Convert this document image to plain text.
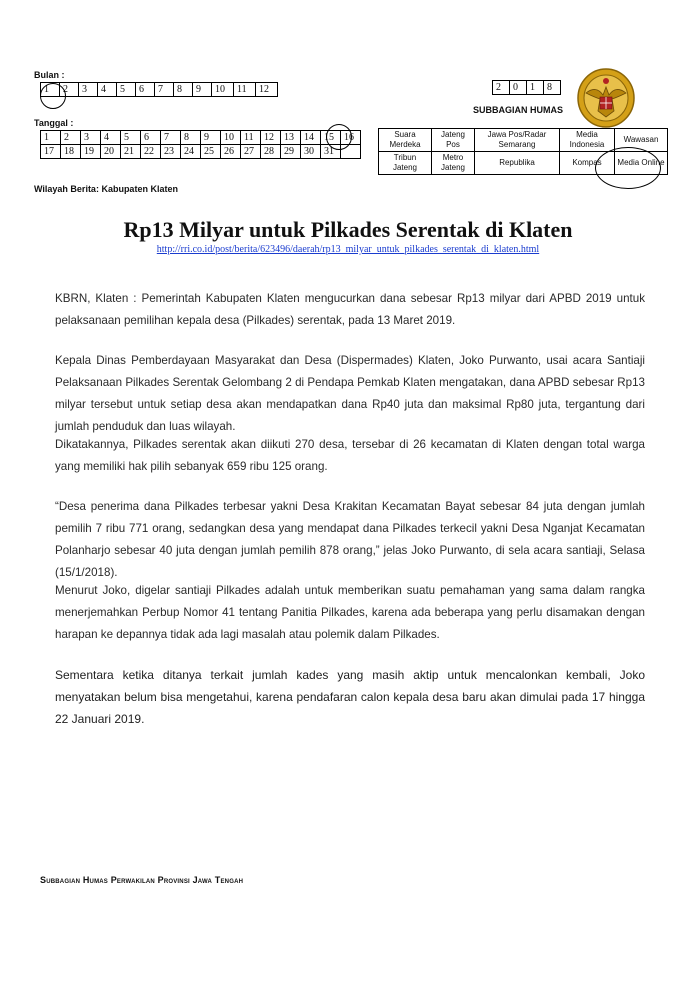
Bulan :
1	2	3	4	5	6	7	8	9	10	11	12
Tanggal :
1	2	3	4	5	6	7	8	9	10	11	12	13	14	15	16
17	18	19	20	21	22	23	24	25	26	27	28	29	30	31	
Wilayah Berita: Kabupaten Klaten
2	0	1	8
SUBBAGIAN HUMAS
Suara Merdeka	Jateng Pos	Jawa Pos/Radar Semarang	Media Indonesia	Wawasan
Tribun Jateng	Metro Jateng	Republika	Kompas	Media Online
Rp13 Milyar untuk Pilkades Serentak di Klaten
http://rri.co.id/post/berita/623496/daerah/rp13_milyar_untuk_pilkades_serentak_di_klaten.html
KBRN, Klaten : Pemerintah Kabupaten Klaten mengucurkan dana sebesar Rp13 milyar dari APBD 2019 untuk pelaksanaan pemilihan kepala desa (Pilkades) serentak, pada 13 Maret 2019.
Kepala Dinas Pemberdayaan Masyarakat dan Desa (Dispermades) Klaten, Joko Purwanto, usai acara Santiaji Pelaksanaan Pilkades Serentak Gelombang 2 di Pendapa Pemkab Klaten mengatakan, dana APBD sebesar Rp13 milyar tersebut untuk setiap desa akan mendapatkan dana Rp40 juta dan maksimal Rp80 juta, tergantung dari jumlah penduduk dan luas wilayah.
Dikatakannya, Pilkades serentak akan diikuti 270 desa, tersebar di 26 kecamatan di Klaten dengan total warga yang memiliki hak pilih sebanyak 659 ribu 125 orang.
“Desa penerima dana Pilkades terbesar yakni Desa Krakitan Kecamatan Bayat sebesar 84 juta dengan jumlah pemilih 7 ribu 771 orang, sedangkan desa yang mendapat dana Pilkades terkecil yakni Desa Nganjat Kecamatan Polanharjo sebesar 40 juta dengan jumlah pemilih 878 orang,” jelas Joko Purwanto, di sela acara santiaji, Selasa (15/1/2018).
Menurut Joko, digelar santiaji Pilkades adalah untuk memberikan suatu pemahaman yang sama dalam rangka menerjemahkan Perbup Nomor 41 tentang Panitia Pilkades, karena ada beberapa yang perlu disamakan dengan harapan ke depannya tidak ada lagi masalah atau polemik dalam Pilkades.
Sementara ketika ditanya terkait jumlah kades yang masih aktip untuk mencalonkan kembali, Joko menyatakan belum bisa mengetahui, karena pendafaran calon kepala desa baru akan dimulai pada 17 hingga 22 Januari 2019.
Subbagian Humas Perwakilan Provinsi Jawa Tengah
